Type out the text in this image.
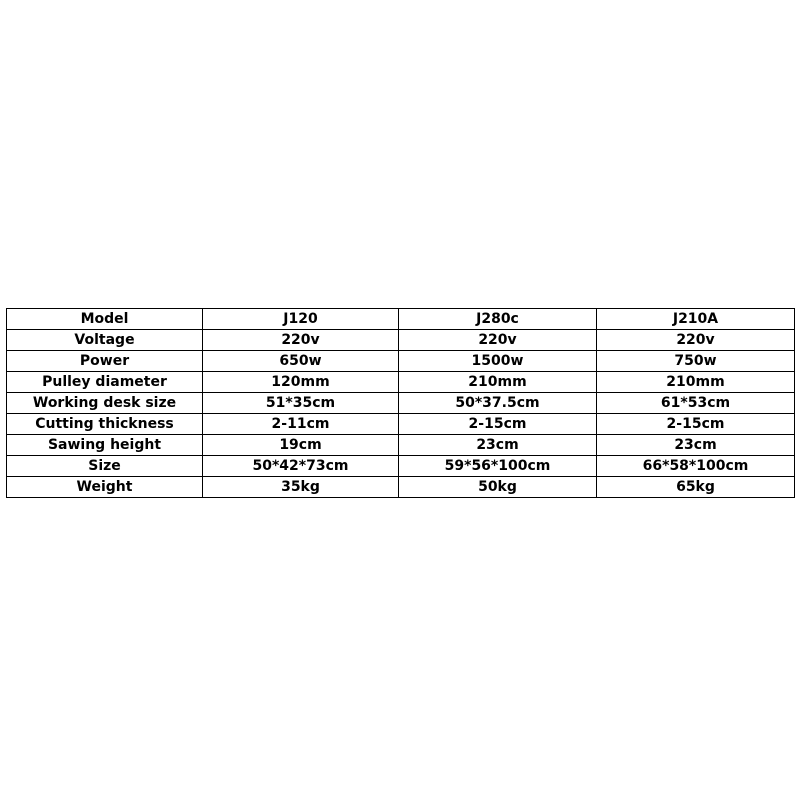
Model	J120	J280c	J210A
Voltage	220v	220v	220v
Power	650w	1500w	750w
Pulley diameter	120mm	210mm	210mm
Working desk size	51*35cm	50*37.5cm	61*53cm
Cutting thickness	2-11cm	2-15cm	2-15cm
Sawing height	19cm	23cm	23cm
Size	50*42*73cm	59*56*100cm	66*58*100cm
Weight	35kg	50kg	65kg
